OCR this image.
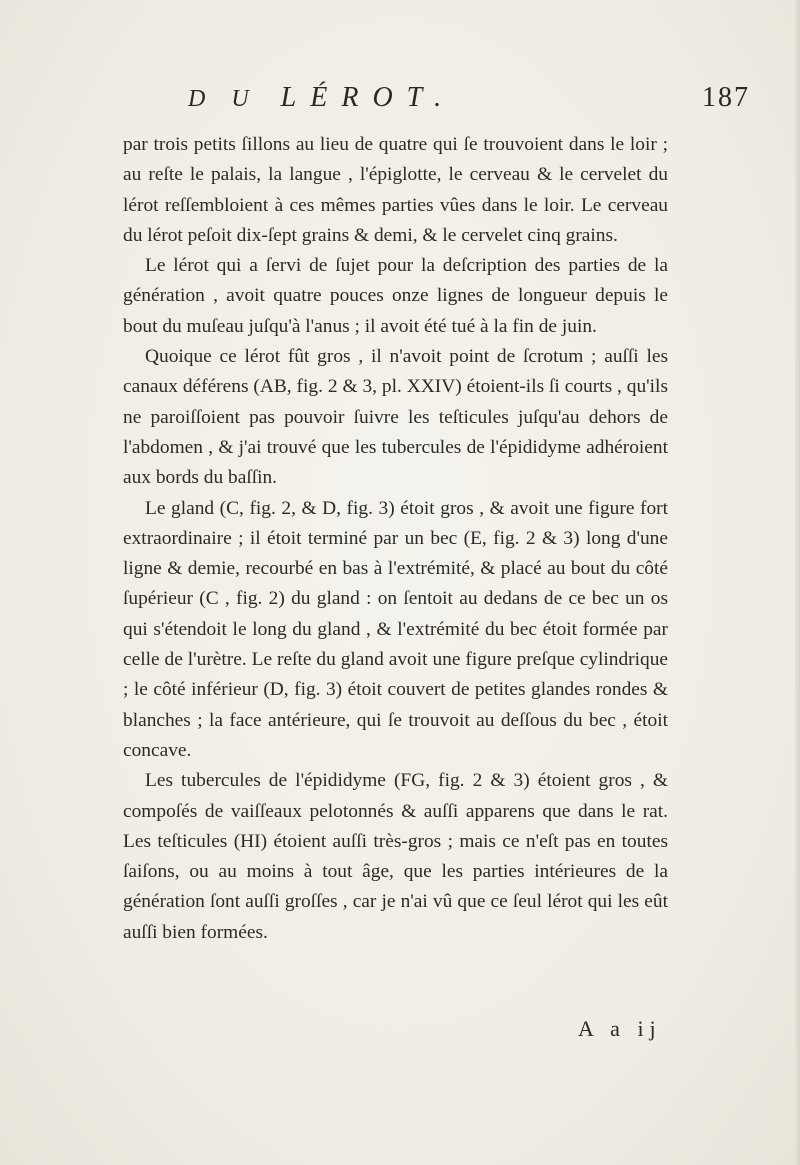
D U LÉROT.	187

par trois petits ſillons au lieu de quatre qui ſe trouvoient dans le loir ; au reſte le palais, la langue , l'épiglotte, le cerveau & le cervelet du lérot reſſembloient à ces mêmes parties vûes dans le loir. Le cerveau du lérot peſoit dix-ſept grains & demi, & le cervelet cinq grains.

Le lérot qui a ſervi de ſujet pour la deſcription des parties de la génération , avoit quatre pouces onze lignes de longueur depuis le bout du muſeau juſqu'à l'anus ; il avoit été tué à la fin de juin.

Quoique ce lérot fût gros , il n'avoit point de ſcrotum ; auſſi les canaux déférens (AB, fig. 2 & 3, pl. XXIV) étoient-ils ſi courts , qu'ils ne paroiſſoient pas pouvoir ſuivre les teſticules juſqu'au dehors de l'abdomen , & j'ai trouvé que les tubercules de l'épididyme adhéroient aux bords du baſſin.

Le gland (C, fig. 2, & D, fig. 3) étoit gros , & avoit une figure fort extraordinaire ; il étoit terminé par un bec (E, fig. 2 & 3) long d'une ligne & demie, recourbé en bas à l'extrémité, & placé au bout du côté ſupérieur (C , fig. 2) du gland : on ſentoit au dedans de ce bec un os qui s'étendoit le long du gland , & l'extrémité du bec étoit formée par celle de l'urètre. Le reſte du gland avoit une figure preſque cylindrique ; le côté inférieur (D, fig. 3) étoit couvert de petites glandes rondes & blanches ; la face antérieure, qui ſe trouvoit au deſſous du bec , étoit concave.

Les tubercules de l'épididyme (FG, fig. 2 & 3) étoient gros , & compoſés de vaiſſeaux pelotonnés & auſſi apparens que dans le rat. Les teſticules (HI) étoient auſſi très-gros ; mais ce n'eſt pas en toutes ſaiſons, ou au moins à tout âge, que les parties intérieures de la génération ſont auſſi groſſes , car je n'ai vû que ce ſeul lérot qui les eût auſſi bien formées.

A a ij
